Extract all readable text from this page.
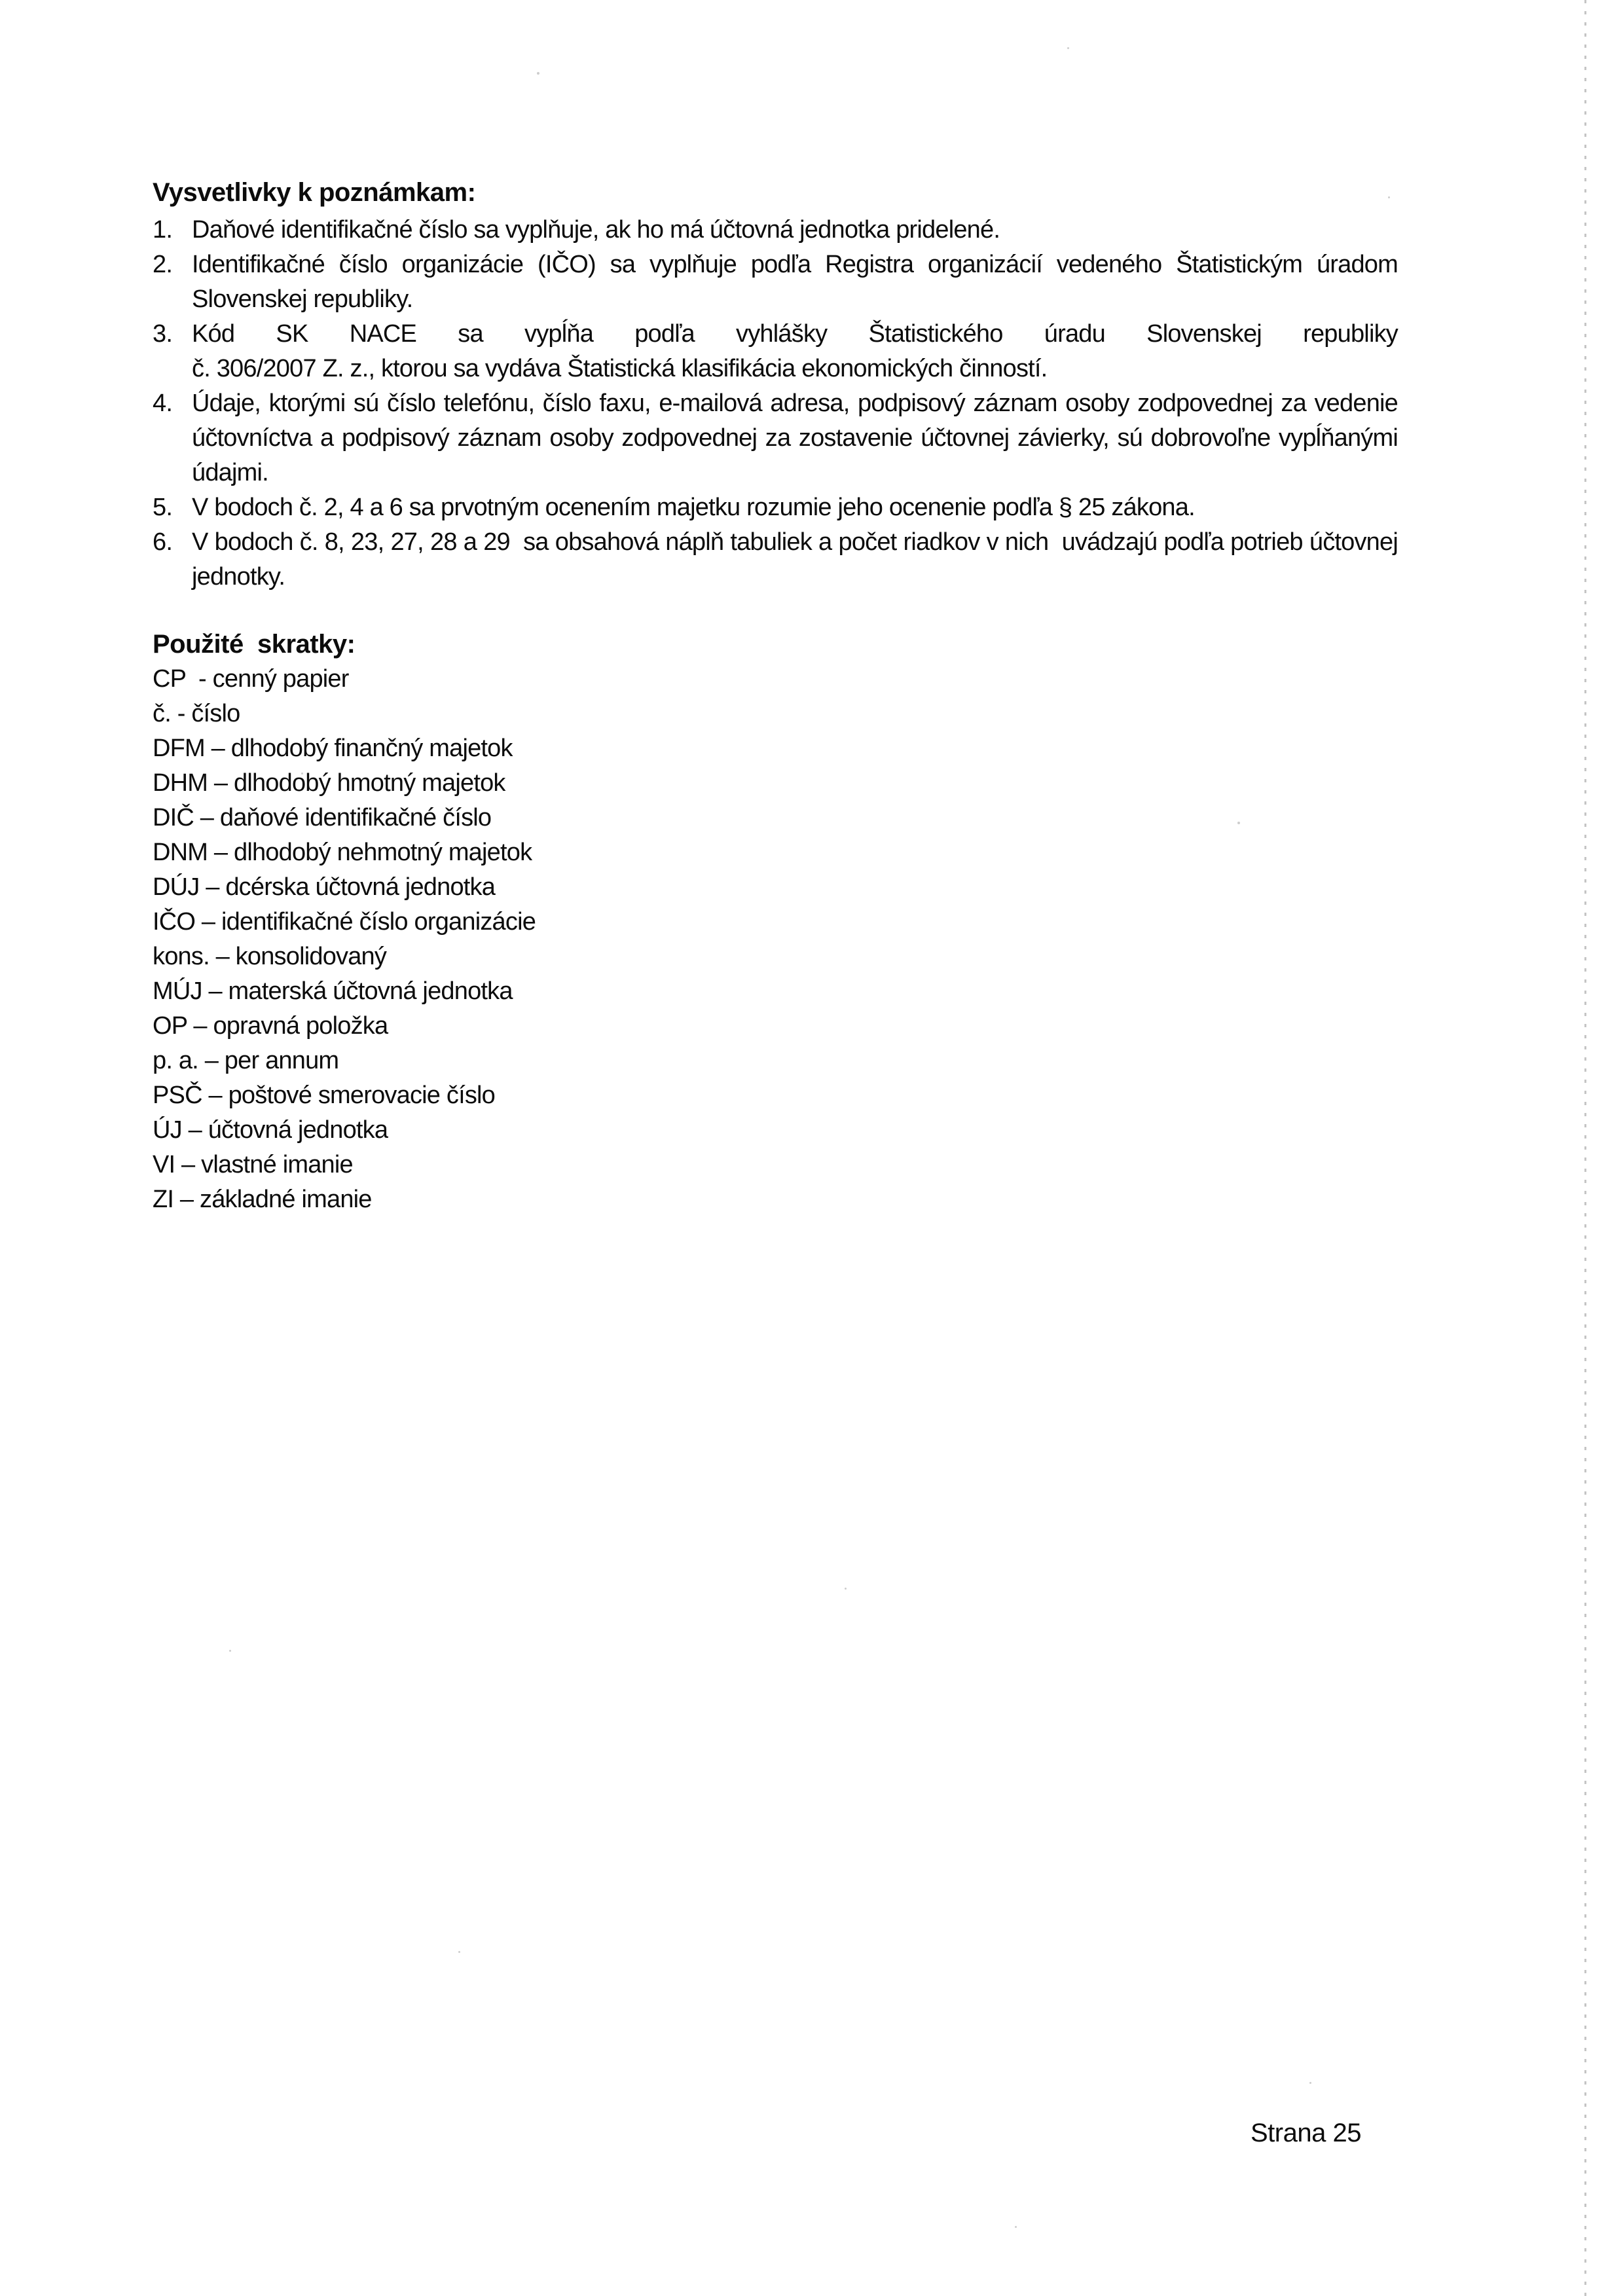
Vysvetlivky k poznámkam:
1. Daňové identifikačné číslo sa vyplňuje, ak ho má účtovná jednotka pridelené.
2. Identifikačné číslo organizácie (IČO) sa vyplňuje podľa Registra organizácií vedeného Štatistickým úradom Slovenskej republiky.
3. Kód SK NACE sa vypĺňa podľa vyhlášky Štatistického úradu Slovenskej republiky
č. 306/2007 Z. z., ktorou sa vydáva Štatistická klasifikácia ekonomických činností.
4. Údaje, ktorými sú číslo telefónu, číslo faxu, e-mailová adresa, podpisový záznam osoby zodpovednej za vedenie účtovníctva a podpisový záznam osoby zodpovednej za zostavenie účtovnej závierky, sú dobrovoľne vypĺňanými údajmi.
5. V bodoch č. 2, 4 a 6 sa prvotným ocenením majetku rozumie jeho ocenenie podľa § 25 zákona.
6. V bodoch č. 8, 23, 27, 28 a 29  sa obsahová náplň tabuliek a počet riadkov v nich  uvádzajú podľa potrieb účtovnej jednotky.
Použité  skratky:
CP  - cenný papier
č. - číslo
DFM – dlhodobý finančný majetok
DHM – dlhodobý hmotný majetok
DIČ – daňové identifikačné číslo
DNM – dlhodobý nehmotný majetok
DÚJ – dcérska účtovná jednotka
IČO – identifikačné číslo organizácie
kons. – konsolidovaný
MÚJ – materská účtovná jednotka
OP – opravná položka
p. a. – per annum
PSČ – poštové smerovacie číslo
ÚJ – účtovná jednotka
VI – vlastné imanie
ZI – základné imanie
Strana 25
